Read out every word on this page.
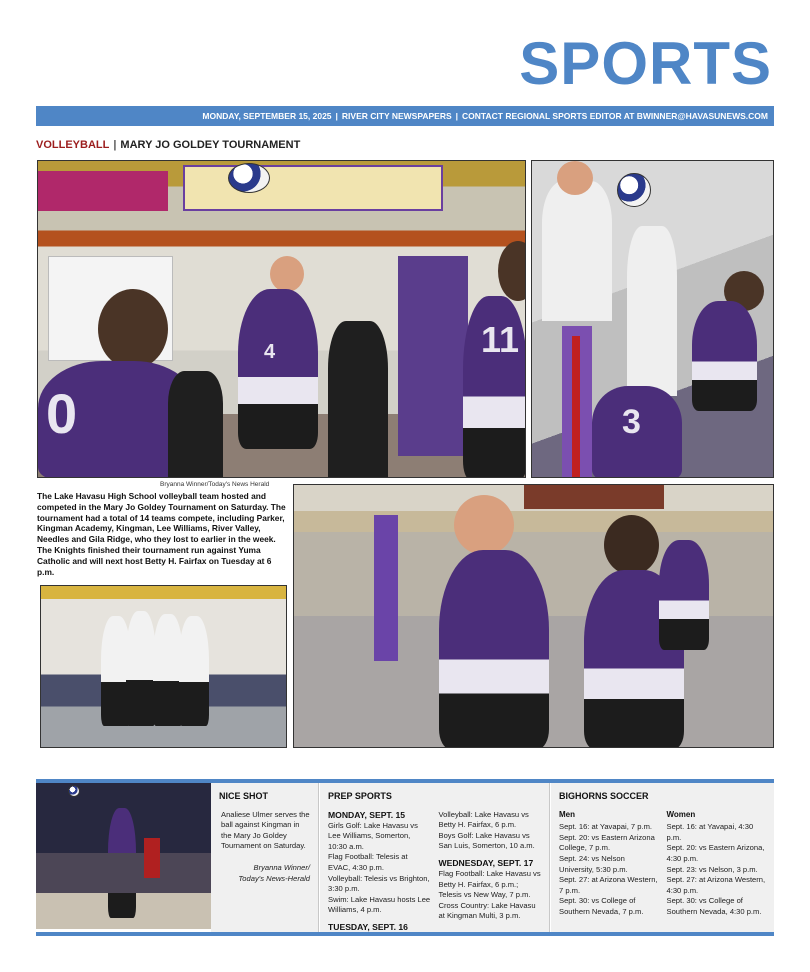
SPORTS
MONDAY, SEPTEMBER 15, 2025 | RIVER CITY NEWSPAPERS | CONTACT REGIONAL SPORTS EDITOR AT BWINNER@HAVASUNEWS.COM
VOLLEYBALL | MARY JO GOLDEY TOURNAMENT
4
0
11
3
Bryanna Winner/Today's News Herald
The Lake Havasu High School volleyball team hosted and competed in the Mary Jo Goldey Tournament on Saturday. The tournament had a total of 14 teams compete, including Parker, Kingman Academy, Kingman, Lee Williams, River Valley, Needles and Gila Ridge, who they lost to earlier in the week. The Knights finished their tournament run against Yuma Catholic and will next host Betty H. Fairfax on Tuesday at 6 p.m.
NICE SHOT
Analiese Ulmer serves the ball against Kingman in the Mary Jo Goldey Tournament on Saturday.
Bryanna Winner/
Today's News-Herald
PREP SPORTS
MONDAY, SEPT. 15
Girls Golf: Lake Havasu vs Lee Williams, Somerton, 10:30 a.m.
Flag Football: Telesis at EVAC, 4:30 p.m.
Volleyball: Telesis vs Brighton, 3:30 p.m.
Swim: Lake Havasu hosts Lee Williams, 4 p.m.
TUESDAY, SEPT. 16
Volleyball: Lake Havasu vs Betty H. Fairfax, 6 p.m.
Boys Golf: Lake Havasu vs San Luis, Somerton, 10 a.m.
WEDNESDAY, SEPT. 17
Flag Football: Lake Havasu vs Betty H. Fairfax, 6 p.m.;
Telesis vs New Way, 7 p.m.
Cross Country: Lake Havasu at Kingman Multi, 3 p.m.
BIGHORNS SOCCER
Men
Sept. 16: at Yavapai, 7 p.m.
Sept. 20: vs Eastern Arizona College, 7 p.m.
Sept. 24: vs Nelson University, 5:30 p.m.
Sept. 27: at Arizona Western, 7 p.m.
Sept. 30: vs College of Southern Nevada, 7 p.m.
Women
Sept. 16: at Yavapai, 4:30 p.m.
Sept. 20: vs Eastern Arizona, 4:30 p.m.
Sept. 23: vs Nelson, 3 p.m.
Sept. 27: at Arizona Western, 4:30 p.m.
Sept. 30: vs College of Southern Nevada, 4:30 p.m.
